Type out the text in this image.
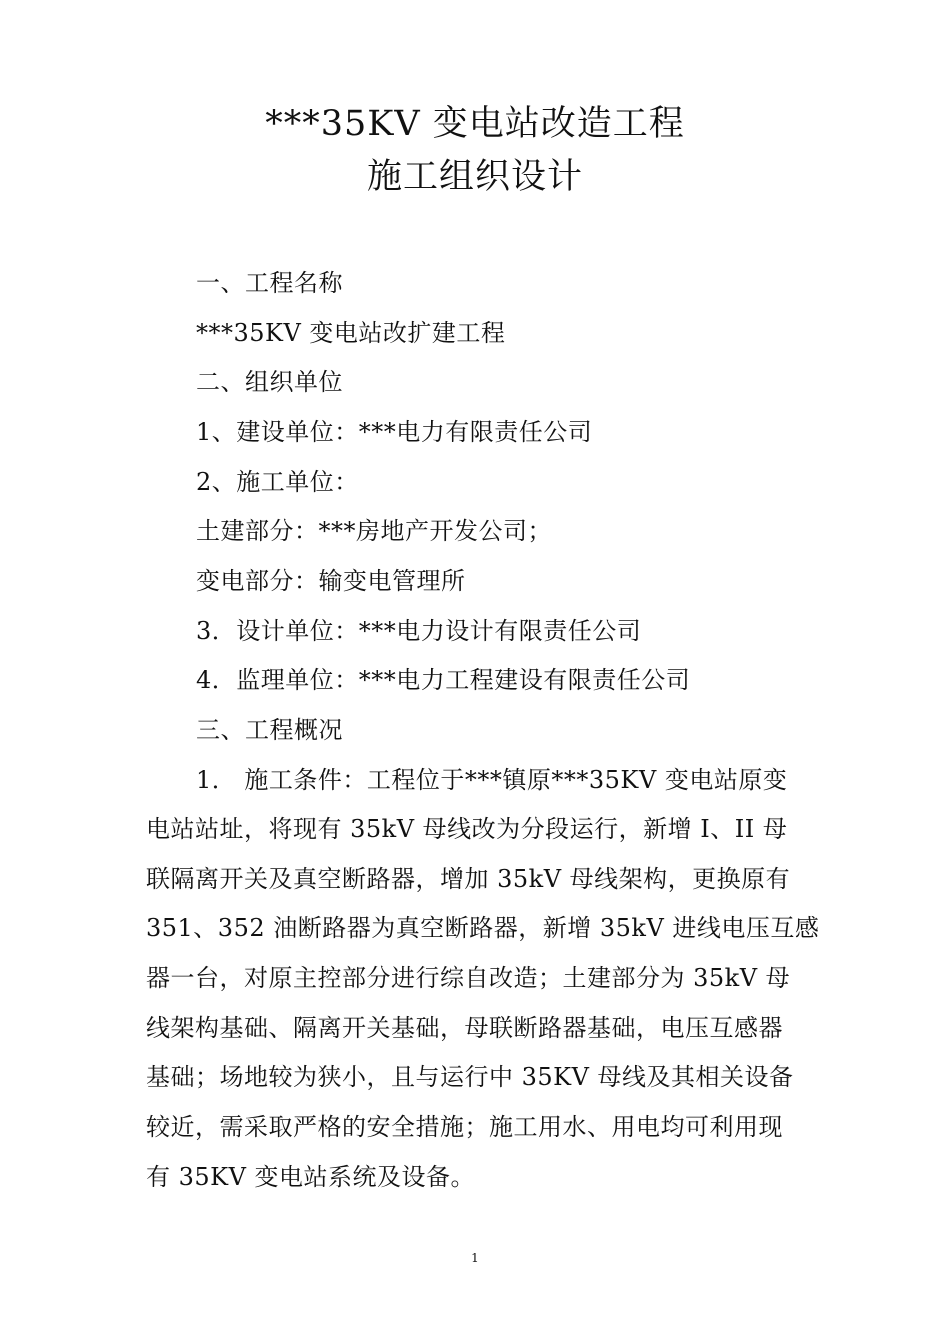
***35KV 变电站改造工程
施工组织设计
一、工程名称
***35KV 变电站改扩建工程
二、组织单位
1、建设单位：***电力有限责任公司
2、施工单位：
土建部分：***房地产开发公司；
变电部分：输变电管理所
3．设计单位：***电力设计有限责任公司
4．监理单位：***电力工程建设有限责任公司
三、工程概况
1． 施工条件：工程位于***镇原***35KV 变电站原变
电站站址，将现有 35kV 母线改为分段运行，新增 I、II 母
联隔离开关及真空断路器，增加 35kV 母线架构，更换原有
351、352 油断路器为真空断路器，新增 35kV 进线电压互感
器一台，对原主控部分进行综自改造；土建部分为 35kV 母
线架构基础、隔离开关基础，母联断路器基础，电压互感器
基础；场地较为狭小，且与运行中 35KV 母线及其相关设备
较近，需采取严格的安全措施；施工用水、用电均可利用现
有 35KV 变电站系统及设备。
1
